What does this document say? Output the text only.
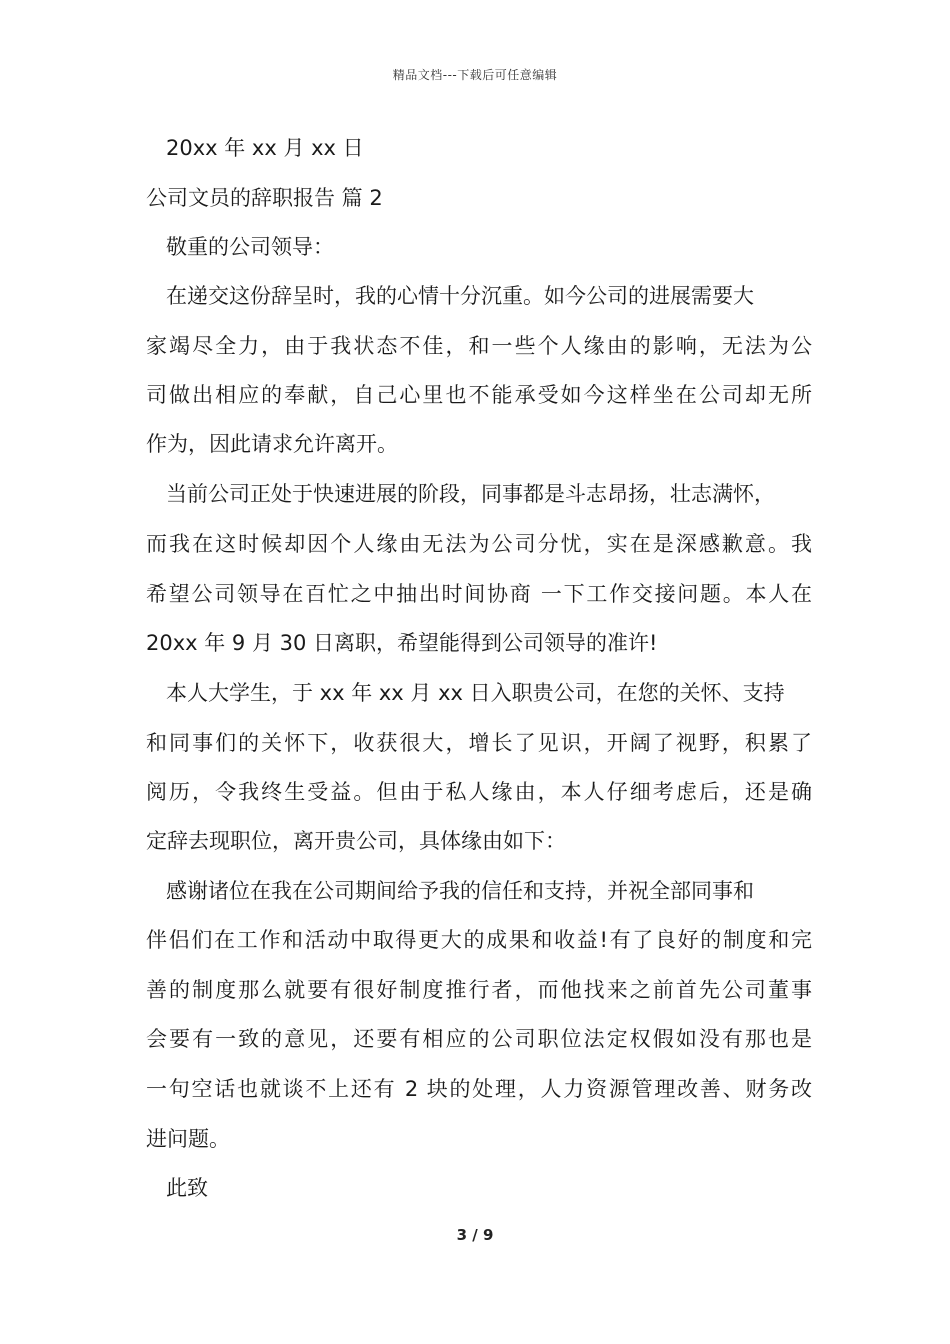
精品文档---下载后可任意编辑
20xx 年 xx 月 xx 日
公司文员的辞职报告 篇 2
敬重的公司领导：
在递交这份辞呈时，我的心情十分沉重。如今公司的进展需要大
家竭尽全力，由于我状态不佳，和一些个人缘由的影响，无法为公
司做出相应的奉献，自己心里也不能承受如今这样坐在公司却无所
作为，因此请求允许离开。
当前公司正处于快速进展的阶段，同事都是斗志昂扬，壮志满怀，
而我在这时候却因个人缘由无法为公司分忧，实在是深感歉意。我
希望公司领导在百忙之中抽出时间协商 一下工作交接问题。本人在
20xx 年 9 月 30 日离职，希望能得到公司领导的准许!
本人大学生，于 xx 年 xx 月 xx 日入职贵公司，在您的关怀、支持
和同事们的关怀下，收获很大，增长了见识，开阔了视野，积累了
阅历，令我终生受益。但由于私人缘由，本人仔细考虑后，还是确
定辞去现职位，离开贵公司，具体缘由如下：
感谢诸位在我在公司期间给予我的信任和支持，并祝全部同事和
伴侣们在工作和活动中取得更大的成果和收益!有了良好的制度和完
善的制度那么就要有很好制度推行者，而他找来之前首先公司董事
会要有一致的意见，还要有相应的公司职位法定权假如没有那也是
一句空话也就谈不上还有 2 块的处理，人力资源管理改善、财务改
进问题。
此致
3 / 9
